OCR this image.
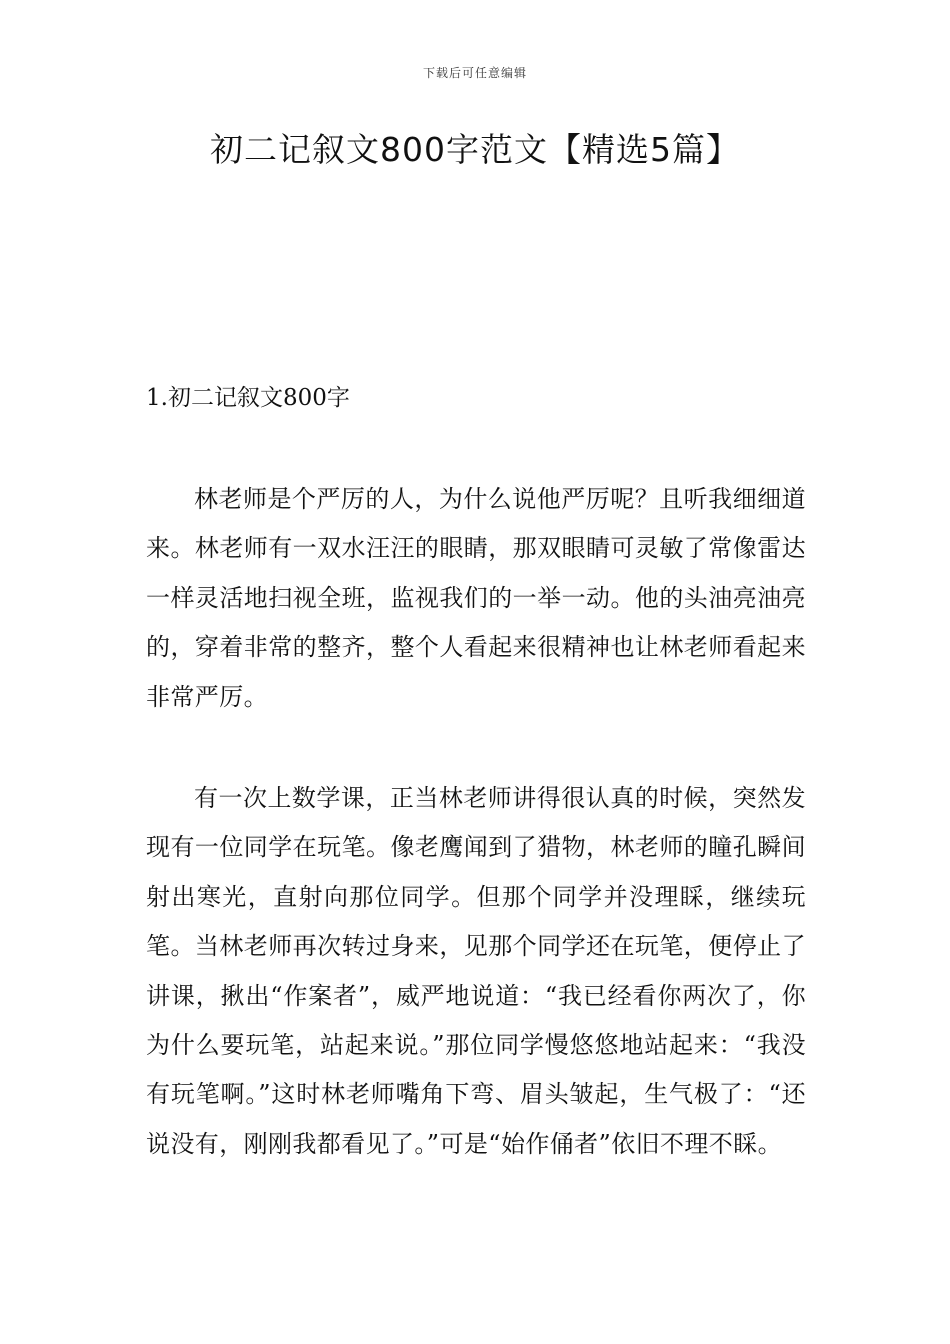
下载后可任意编辑
初二记叙文800字范文【精选5篇】
1.初二记叙文800字

林老师是个严厉的人，为什么说他严厉呢？且听我细细道来。林老师有一双水汪汪的眼睛，那双眼睛可灵敏了常像雷达一样灵活地扫视全班，监视我们的一举一动。他的头油亮油亮的，穿着非常的整齐，整个人看起来很精神也让林老师看起来非常严厉。

有一次上数学课，正当林老师讲得很认真的时候，突然发现有一位同学在玩笔。像老鹰闻到了猎物，林老师的瞳孔瞬间射出寒光，直射向那位同学。但那个同学并没理睬，继续玩笔。当林老师再次转过身来，见那个同学还在玩笔，便停止了讲课，揪出“作案者”，威严地说道：“我已经看你两次了，你为什么要玩笔，站起来说。”那位同学慢悠悠地站起来：“我没有玩笔啊。”这时林老师嘴角下弯、眉头皱起，生气极了：“还说没有，刚刚我都看见了。”可是“始作俑者”依旧不理不睬。
